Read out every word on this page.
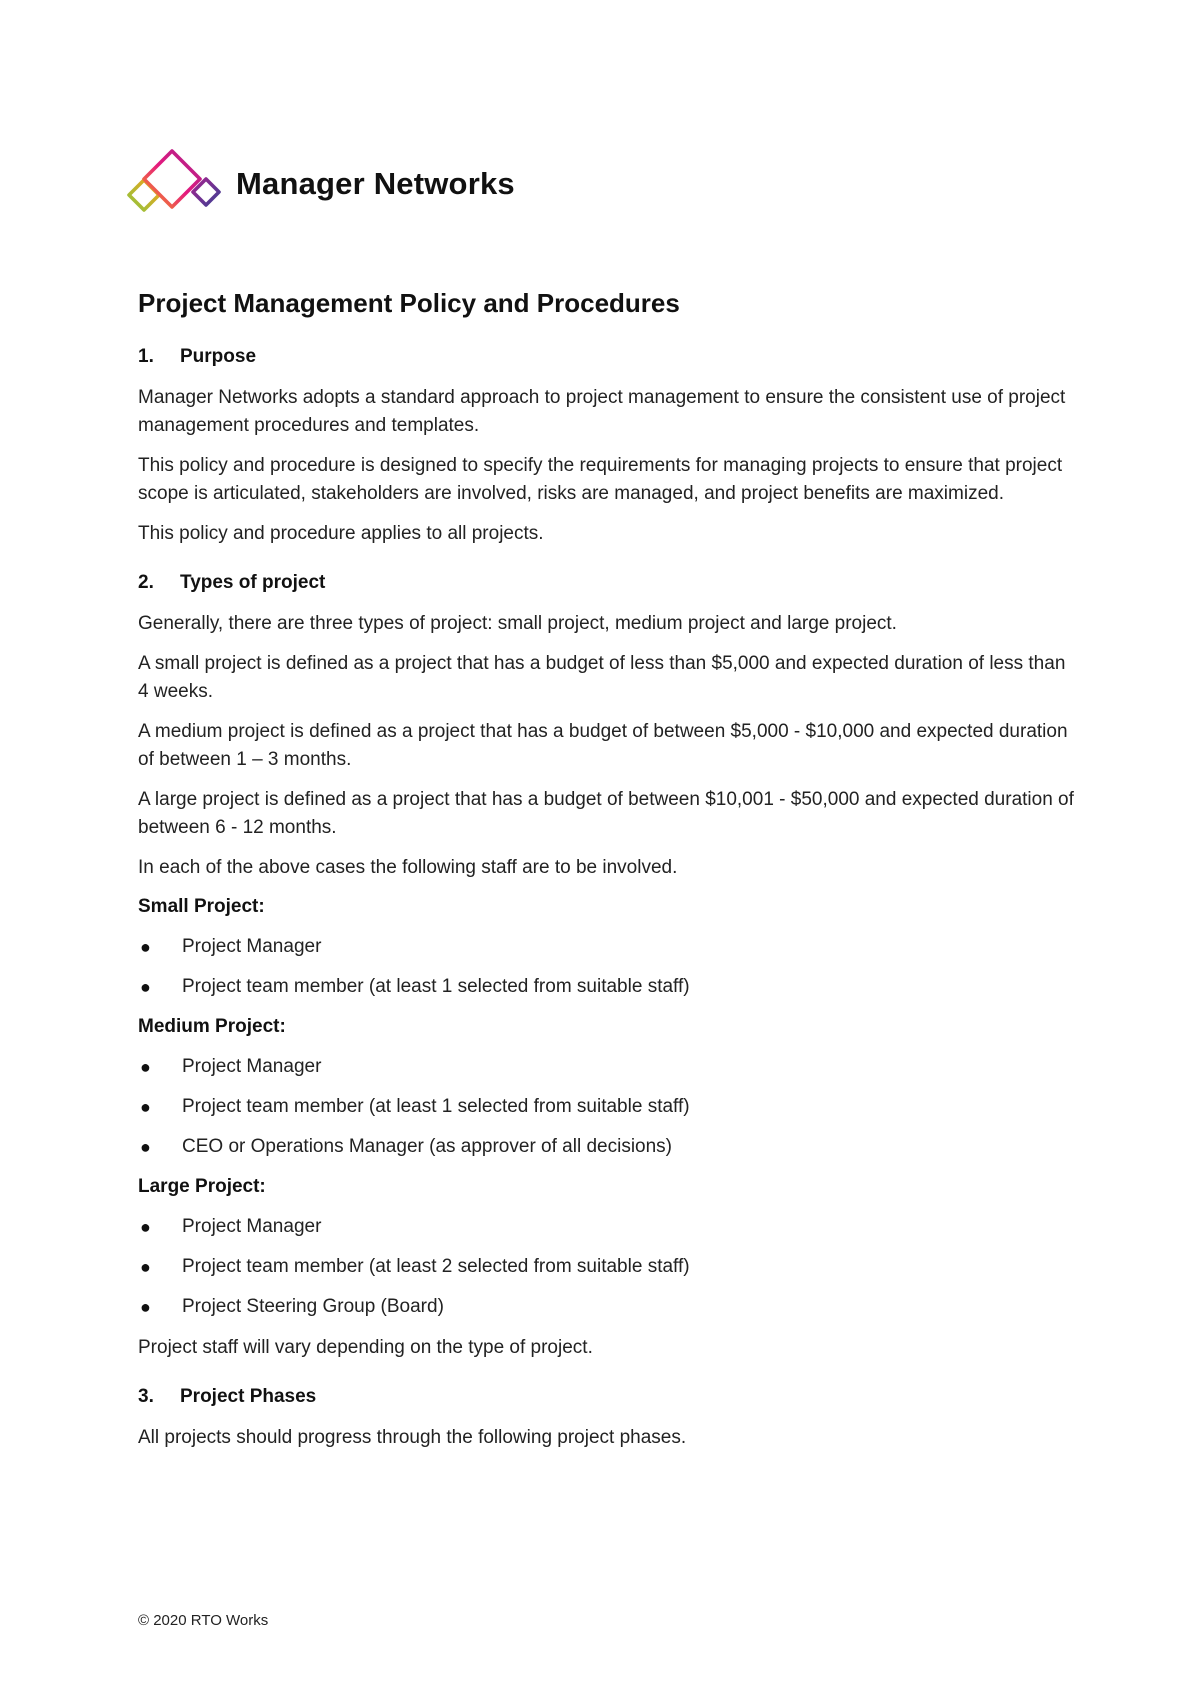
Manager Networks
Project Management Policy and Procedures
1.	Purpose

Manager Networks adopts a standard approach to project management to ensure the consistent use of project management procedures and templates.

This policy and procedure is designed to specify the requirements for managing projects to ensure that project scope is articulated, stakeholders are involved, risks are managed, and project benefits are maximized.

This policy and procedure applies to all projects.

2.	Types of project

Generally, there are three types of project: small project, medium project and large project.

A small project is defined as a project that has a budget of less than $5,000 and expected duration of less than 4 weeks.

A medium project is defined as a project that has a budget of between $5,000 - $10,000 and expected duration of between 1 – 3 months.

A large project is defined as a project that has a budget of between $10,001 - $50,000 and expected duration of between 6 - 12 months.

In each of the above cases the following staff are to be involved.

Small Project:
●	Project Manager
●	Project team member (at least 1 selected from suitable staff)
Medium Project:
●	Project Manager
●	Project team member (at least 1 selected from suitable staff)
●	CEO or Operations Manager (as approver of all decisions)
Large Project:
●	Project Manager
●	Project team member (at least 2 selected from suitable staff)
●	Project Steering Group (Board)

Project staff will vary depending on the type of project.

3.	Project Phases

All projects should progress through the following project phases.

© 2020 RTO Works
